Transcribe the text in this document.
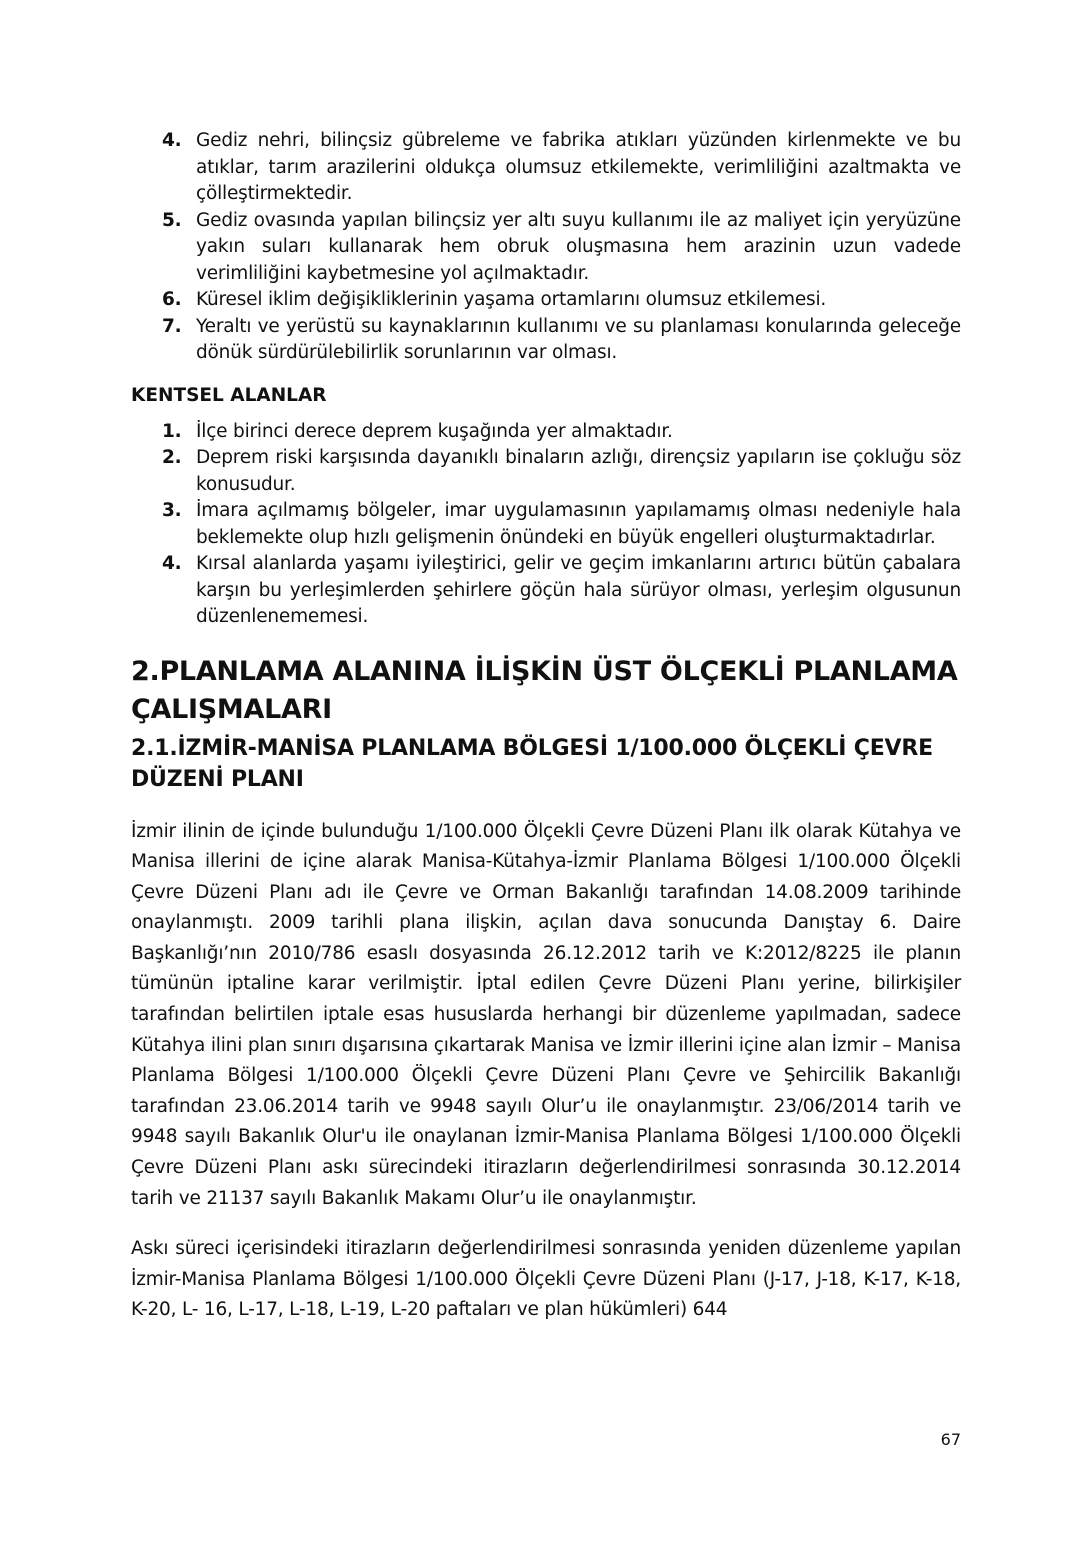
4. Gediz nehri, bilinçsiz gübreleme ve fabrika atıkları yüzünden kirlenmekte ve bu atıklar, tarım arazilerini oldukça olumsuz etkilemekte, verimliliğini azaltmakta ve çölleştirmektedir.
5. Gediz ovasında yapılan bilinçsiz yer altı suyu kullanımı ile az maliyet için yeryüzüne yakın suları kullanarak hem obruk oluşmasına hem arazinin uzun vadede verimliliğini kaybetmesine yol açılmaktadır.
6. Küresel iklim değişikliklerinin yaşama ortamlarını olumsuz etkilemesi.
7. Yeraltı ve yerüstü su kaynaklarının kullanımı ve su planlaması konularında geleceğe dönük sürdürülebilirlik sorunlarının var olması.
KENTSEL ALANLAR
1. İlçe birinci derece deprem kuşağında yer almaktadır.
2. Deprem riski karşısında dayanıklı binaların azlığı, dirençsiz yapıların ise çokluğu söz konusudur.
3. İmara açılmamış bölgeler, imar uygulamasının yapılamamış olması nedeniyle hala beklemekte olup hızlı gelişmenin önündeki en büyük engelleri oluşturmaktadırlar.
4. Kırsal alanlarda yaşamı iyileştirici, gelir ve geçim imkanlarını artırıcı bütün çabalara karşın bu yerleşimlerden şehirlere göçün hala sürüyor olması, yerleşim olgusunun düzenlenememesi.
2.PLANLAMA ALANINA İLİŞKİN ÜST ÖLÇEKLİ PLANLAMA ÇALIŞMALARI
2.1.İZMİR-MANİSA PLANLAMA BÖLGESİ 1/100.000 ÖLÇEKLİ ÇEVRE DÜZENİ PLANI

İzmir ilinin de içinde bulunduğu 1/100.000 Ölçekli Çevre Düzeni Planı ilk olarak Kütahya ve Manisa illerini de içine alarak Manisa-Kütahya-İzmir Planlama Bölgesi 1/100.000 Ölçekli Çevre Düzeni Planı adı ile Çevre ve Orman Bakanlığı tarafından 14.08.2009 tarihinde onaylanmıştı. 2009 tarihli plana ilişkin, açılan dava sonucunda Danıştay 6. Daire Başkanlığı’nın 2010/786 esaslı dosyasında 26.12.2012 tarih ve K:2012/8225 ile planın tümünün iptaline karar verilmiştir. İptal edilen Çevre Düzeni Planı yerine, bilirkişiler tarafından belirtilen iptale esas hususlarda herhangi bir düzenleme yapılmadan, sadece Kütahya ilini plan sınırı dışarısına çıkartarak Manisa ve İzmir illerini içine alan İzmir – Manisa Planlama Bölgesi 1/100.000 Ölçekli Çevre Düzeni Planı Çevre ve Şehircilik Bakanlığı tarafından 23.06.2014 tarih ve 9948 sayılı Olur’u ile onaylanmıştır. 23/06/2014 tarih ve 9948 sayılı Bakanlık Olur'u ile onaylanan İzmir-Manisa Planlama Bölgesi 1/100.000 Ölçekli Çevre Düzeni Planı askı sürecindeki itirazların değerlendirilmesi sonrasında 30.12.2014 tarih ve 21137 sayılı Bakanlık Makamı Olur’u ile onaylanmıştır.

Askı süreci içerisindeki itirazların değerlendirilmesi sonrasında yeniden düzenleme yapılan İzmir-Manisa Planlama Bölgesi 1/100.000 Ölçekli Çevre Düzeni Planı (J-17, J-18, K-17, K-18, K-20, L- 16, L-17, L-18, L-19, L-20 paftaları ve plan hükümleri) 644

67
